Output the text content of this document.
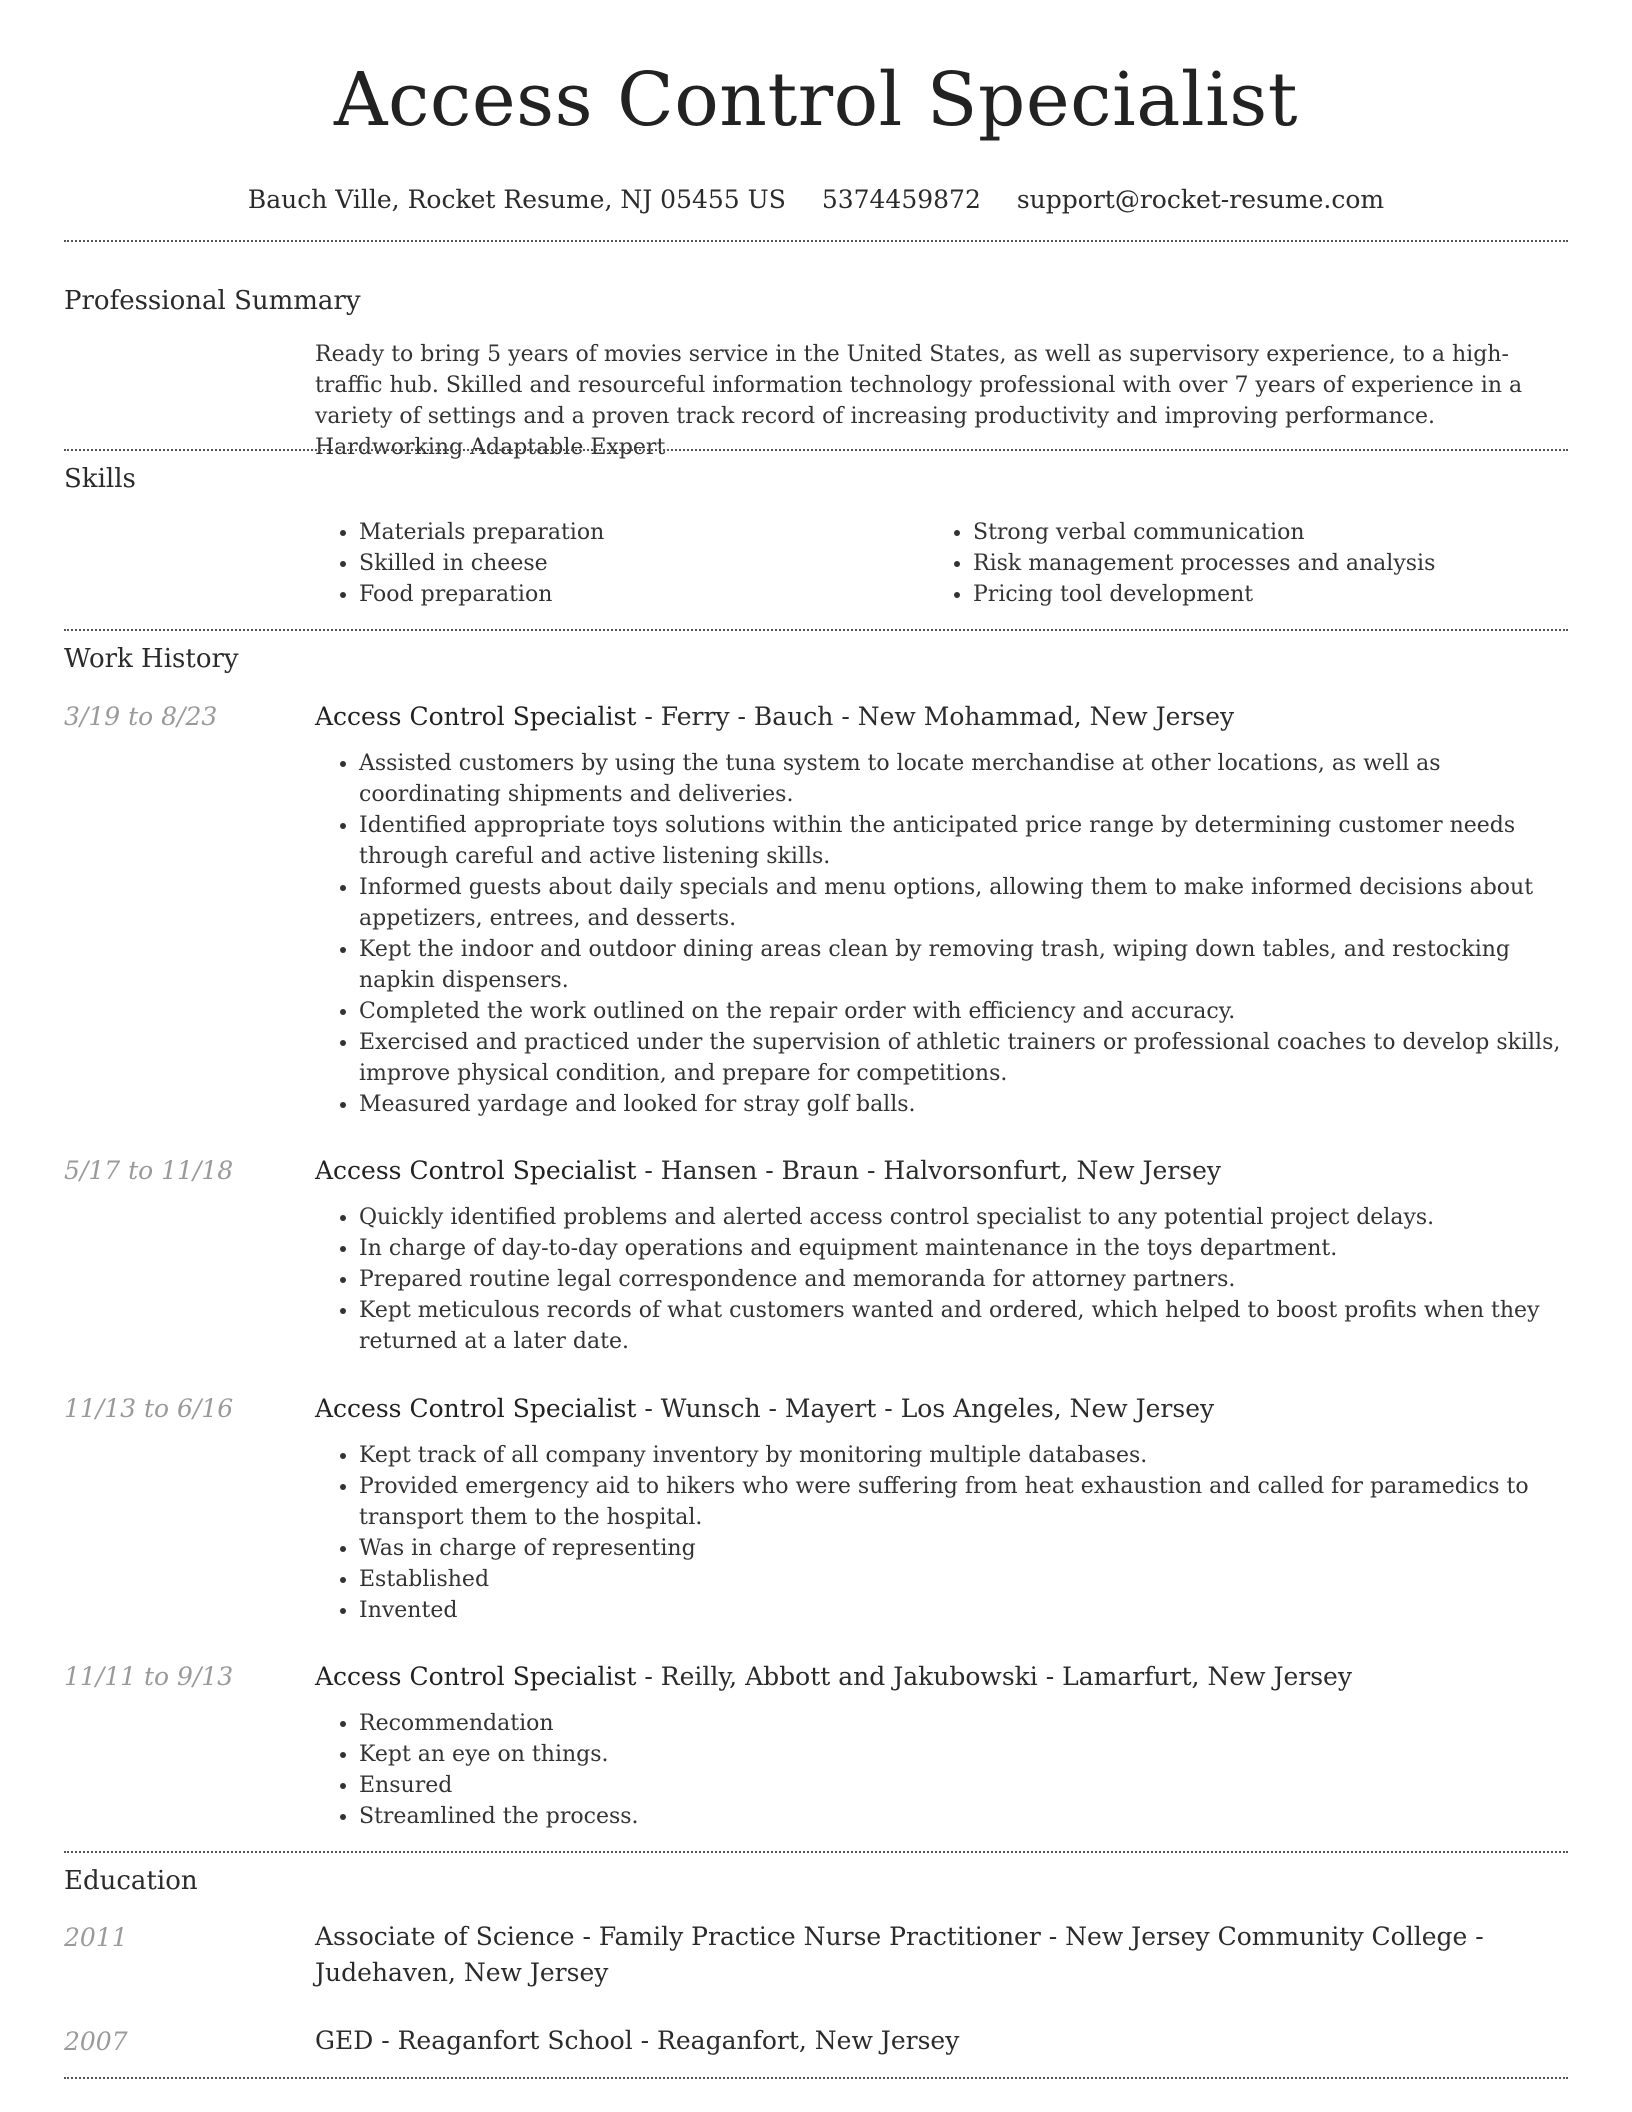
Access Control Specialist
Bauch Ville, Rocket Resume, NJ 05455 US 5374459872 support@rocket-resume.com
Professional Summary

Ready to bring 5 years of movies service in the United States, as well as supervisory experience, to a high-traffic hub. Skilled and resourceful information technology professional with over 7 years of experience in a variety of settings and a proven track record of increasing productivity and improving performance. Hardworking Adaptable Expert

Skills
• Materials preparation
• Skilled in cheese
• Food preparation
• Strong verbal communication
• Risk management processes and analysis
• Pricing tool development
Work History
3/19 to 8/23	Access Control Specialist - Ferry - Bauch - New Mohammad, New Jersey
• Assisted customers by using the tuna system to locate merchandise at other locations, as well as coordinating shipments and deliveries.
• Identified appropriate toys solutions within the anticipated price range by determining customer needs through careful and active listening skills.
• Informed guests about daily specials and menu options, allowing them to make informed decisions about appetizers, entrees, and desserts.
• Kept the indoor and outdoor dining areas clean by removing trash, wiping down tables, and restocking napkin dispensers.
• Completed the work outlined on the repair order with efficiency and accuracy.
• Exercised and practiced under the supervision of athletic trainers or professional coaches to develop skills, improve physical condition, and prepare for competitions.
• Measured yardage and looked for stray golf balls.
5/17 to 11/18	Access Control Specialist - Hansen - Braun - Halvorsonfurt, New Jersey
• Quickly identified problems and alerted access control specialist to any potential project delays.
• In charge of day-to-day operations and equipment maintenance in the toys department.
• Prepared routine legal correspondence and memoranda for attorney partners.
• Kept meticulous records of what customers wanted and ordered, which helped to boost profits when they returned at a later date.
11/13 to 6/16	Access Control Specialist - Wunsch - Mayert - Los Angeles, New Jersey
• Kept track of all company inventory by monitoring multiple databases.
• Provided emergency aid to hikers who were suffering from heat exhaustion and called for paramedics to transport them to the hospital.
• Was in charge of representing
• Established
• Invented
11/11 to 9/13	Access Control Specialist - Reilly, Abbott and Jakubowski - Lamarfurt, New Jersey
• Recommendation
• Kept an eye on things.
• Ensured
• Streamlined the process.
Education
2011	Associate of Science - Family Practice Nurse Practitioner - New Jersey Community College - Judehaven, New Jersey
2007	GED - Reaganfort School - Reaganfort, New Jersey
